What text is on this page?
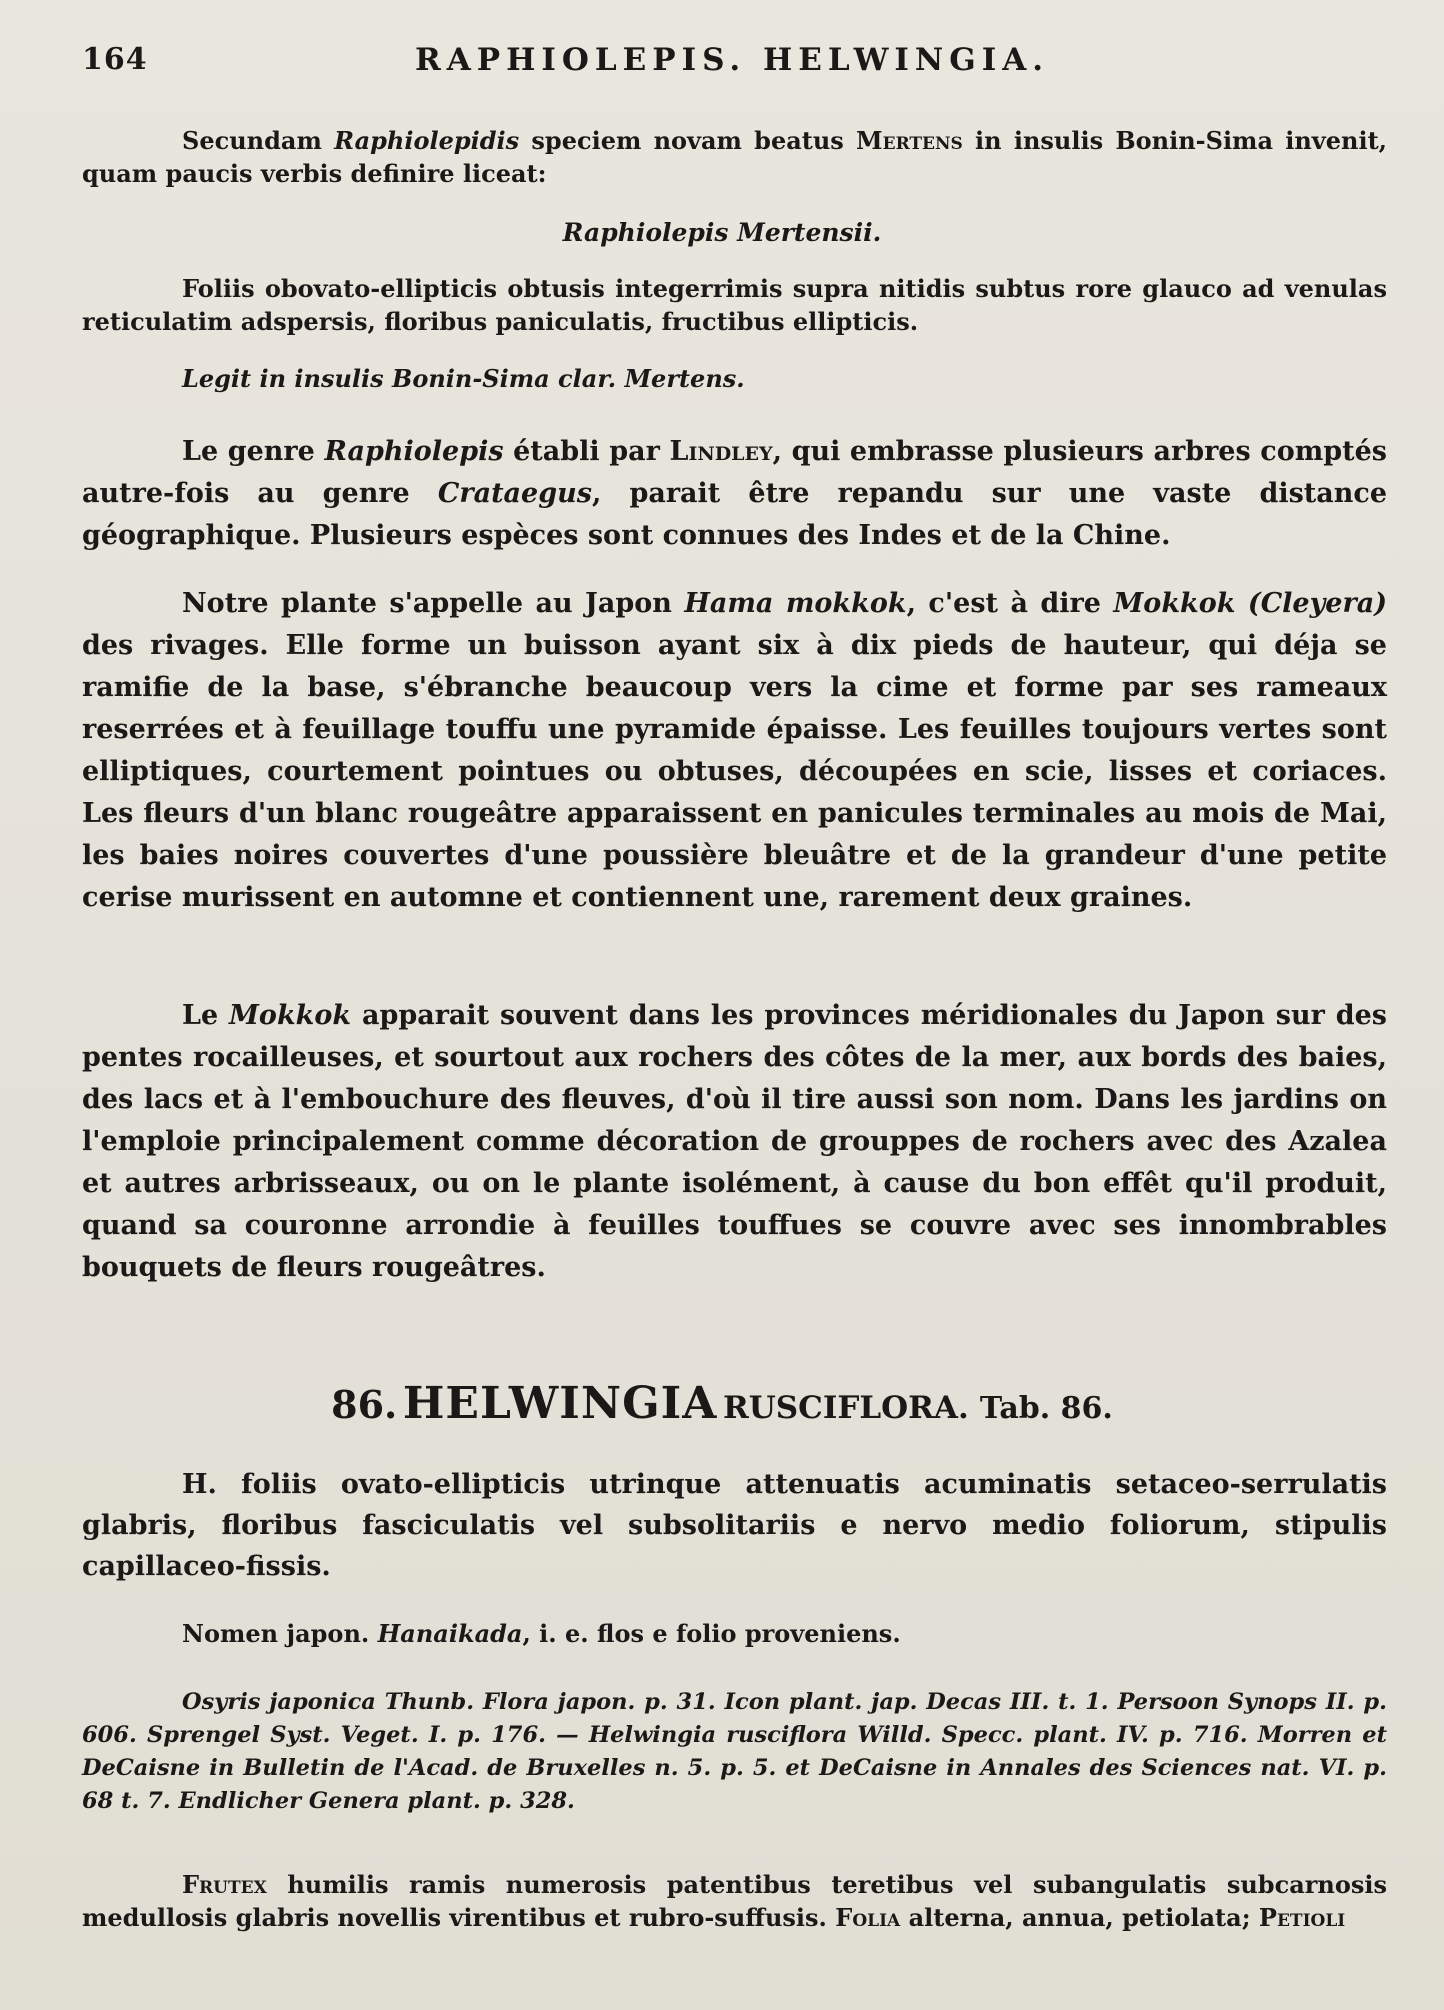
164	RAPHIOLEPIS. HELWINGIA.

Secundam Raphiolepidis speciem novam beatus Mertens in insulis Bonin-Sima invenit, quam paucis verbis definire liceat:

Raphiolepis Mertensii.

Foliis obovato-ellipticis obtusis integerrimis supra nitidis subtus rore glauco ad venulas reticulatim adspersis, floribus paniculatis, fructibus ellipticis.

Legit in insulis Bonin-Sima clar. Mertens.

Le genre Raphiolepis établi par Lindley, qui embrasse plusieurs arbres comptés autre-fois au genre Crataegus, parait être repandu sur une vaste distance géographique. Plusieurs espèces sont connues des Indes et de la Chine.

Notre plante s'appelle au Japon Hama mokkok, c'est à dire Mokkok (Cleyera) des rivages. Elle forme un buisson ayant six à dix pieds de hauteur, qui déja se ramifie de la base, s'ébranche beaucoup vers la cime et forme par ses rameaux reserrées et à feuillage touffu une pyramide épaisse. Les feuilles toujours vertes sont elliptiques, courtement pointues ou obtuses, découpées en scie, lisses et coriaces. Les fleurs d'un blanc rougeâtre apparaissent en panicules terminales au mois de Mai, les baies noires couvertes d'une poussière bleuâtre et de la grandeur d'une petite cerise murissent en automne et contiennent une, rarement deux graines.

Le Mokkok apparait souvent dans les provinces méridionales du Japon sur des pentes rocailleuses, et sourtout aux rochers des côtes de la mer, aux bords des baies, des lacs et à l'embouchure des fleuves, d'où il tire aussi son nom. Dans les jardins on l'emploie principalement comme décoration de grouppes de rochers avec des Azalea et autres arbrisseaux, ou on le plante isolément, à cause du bon effêt qu'il produit, quand sa couronne arrondie à feuilles touffues se couvre avec ses innombrables bouquets de fleurs rougeâtres.

86. HELWINGIA RUSCIFLORA. Tab. 86.

H. foliis ovato-ellipticis utrinque attenuatis acuminatis setaceo-serrulatis glabris, floribus fasciculatis vel subsolitariis e nervo medio foliorum, stipulis capillaceo-fissis.

Nomen japon. Hanaikada, i. e. flos e folio proveniens.

Osyris japonica Thunb. Flora japon. p. 31. Icon plant. jap. Decas III. t. 1. Persoon Synops II. p. 606. Sprengel Syst. Veget. I. p. 176. — Helwingia rusciflora Willd. Specc. plant. IV. p. 716. Morren et DeCaisne in Bulletin de l'Acad. de Bruxelles n. 5. p. 5. et DeCaisne in Annales des Sciences nat. VI. p. 68 t. 7. Endlicher Genera plant. p. 328.

Frutex humilis ramis numerosis patentibus teretibus vel subangulatis subcarnosis medullosis glabris novellis virentibus et rubro-suffusis. Folia alterna, annua, petiolata; Petioli
